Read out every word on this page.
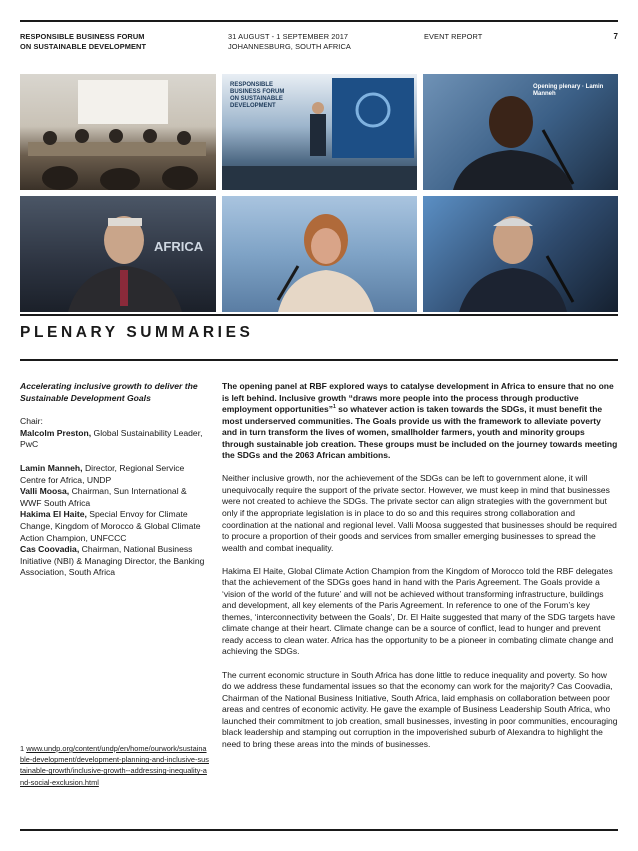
RESPONSIBLE BUSINESS FORUM
ON SUSTAINABLE DEVELOPMENT
31 AUGUST - 1 SEPTEMBER 2017
JOHANNESBURG, SOUTH AFRICA
EVENT REPORT	7
RESPONSIBLE BUSINESS FORUM ON SUSTAINABLE DEVELOPMENT
Opening plenary · Lamin Manneh
AFRICA
PLENARY SUMMARIES
Accelerating inclusive growth to deliver the Sustainable Development Goals
Chair:
Malcolm Preston, Global Sustainability Leader, PwC
Lamin Manneh, Director, Regional Service Centre for Africa, UNDP
Valli Moosa, Chairman, Sun International & WWF South Africa
Hakima El Haite, Special Envoy for Climate Change, Kingdom of Morocco & Global Climate Action Champion, UNFCCC
Cas Coovadia, Chairman, National Business Initiative (NBI) & Managing Director, the Banking Association, South Africa
1 www.undp.org/content/undp/en/home/ourwork/sustainable-development/development-planning-and-inclusive-sustainable-growth/inclusive-growth--addressing-inequality-and-social-exclusion.html

The opening panel at RBF explored ways to catalyse development in Africa to ensure that no one is left behind. Inclusive growth “draws more people into the process through productive employment opportunities”$^1$ so whatever action is taken towards the SDGs, it must benefit the most underserved communities. The Goals provide us with the framework to alleviate poverty and in turn transform the lives of women, smallholder farmers, youth and minority groups through sustainable job creation. These groups must be included on the journey towards meeting the SDGs and the 2063 African ambitions.

Neither inclusive growth, nor the achievement of the SDGs can be left to government alone, it will unequivocally require the support of the private sector. However, we must keep in mind that businesses were not created to achieve the SDGs. The private sector can align strategies with the government but only if the appropriate legislation is in place to do so and this requires strong collaboration and coordination at the national and regional level. Valli Moosa suggested that businesses should be required to procure a proportion of their goods and services from smaller emerging businesses to spread the wealth and combat inequality.

Hakima El Haite, Global Climate Action Champion from the Kingdom of Morocco told the RBF delegates that the achievement of the SDGs goes hand in hand with the Paris Agreement. The Goals provide a ‘vision of the world of the future’ and will not be achieved without transforming infrastructure, buildings and development, all key elements of the Paris Agreement. In reference to one of the Forum’s key themes, ‘interconnectivity between the Goals’, Dr. El Haite suggested that many of the SDG targets have climate change at their heart. Climate change can be a source of conflict, lead to hunger and prevent ready access to clean water. Africa has the opportunity to be a pioneer in combating climate change and achieving the SDGs.

The current economic structure in South Africa has done little to reduce inequality and poverty. So how do we address these fundamental issues so that the economy can work for the majority? Cas Coovadia, Chairman of the National Business Initiative, South Africa, laid emphasis on collaboration between poor areas and centres of economic activity. He gave the example of Business Leadership South Africa, who launched their commitment to job creation, small businesses, investing in poor communities, encouraging black leadership and stamping out corruption in the impoverished suburb of Alexandra to highlight the need to bring these areas into the minds of businesses.
